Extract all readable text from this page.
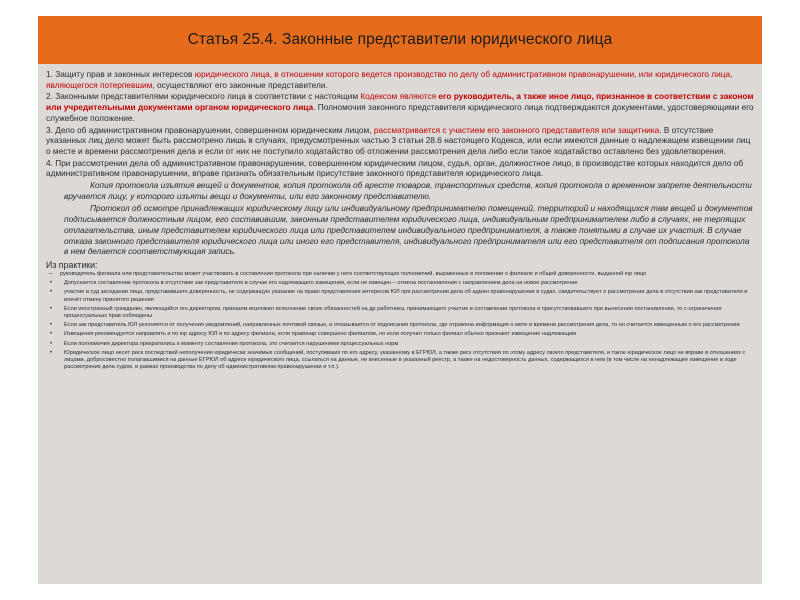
Статья 25.4. Законные представители юридического лица
1. Защиту прав и законных интересов юридического лица, в отношении которого ведется производство по делу об административном правонарушении, или юридического лица, являющегося потерпевшим, осуществляют его законные представители.
2. Законными представителями юридического лица в соответствии с настоящим Кодексом являются его руководитель, а также иное лицо, признанное в соответствии с законом или учредительными документами органом юридического лица. Полномочия законного представителя юридического лица подтверждаются документами, удостоверяющими его служебное положение.
3. Дело об административном правонарушении, совершенном юридическим лицом, рассматривается с участием его законного представителя или защитника. В отсутствие указанных лиц дело может быть рассмотрено лишь в случаях, предусмотренных частью 3 статьи 28.6 настоящего Кодекса, или если имеются данные о надлежащем извещении лиц о месте и времени рассмотрения дела и если от них не поступило ходатайство об отложении рассмотрения дела либо если такое ходатайство оставлено без удовлетворения.
4. При рассмотрении дела об административном правонарушении, совершенном юридическим лицом, судья, орган, должностное лицо, в производстве которых находится дело об административном правонарушении, вправе признать обязательным присутствие законного представителя юридического лица.
Копия протокола изъятия вещей и документов, копия протокола об аресте товаров, транспортных средств, копия протокола о временном запрете деятельности вручается лицу, у которого изъяты вещи и документы, или его законному представителю.
Протокол об осмотре принадлежащих юридическому лицу или индивидуальному предпринимателю помещений, территорий и находящихся там вещей и документов подписывается должностным лицом, его составившим, законным представителем юридического лица, индивидуальным предпринимателем либо в случаях, не терпящих отлагательства, иным представителем юридического лица или представителем индивидуального предпринимателя, а также понятыми в случае их участия. В случае отказа законного представителя юридического лица или иного его представителя, индивидуального предпринимателя или его представителя от подписания протокола в нем делается соответствующая запись.
Из практики:
– руководитель филиала или представительства может участвовать в составлении протокола при наличии у него соответствующих полномочий, выраженных в положении о филиале и общей доверенности, выданной юр лицо
• Допускается составление протокола в отсутствие зак представителя в случае его надлежащего извещения, если не извещен – отмена постановления с направлением дела на новое рассмотрение
• участие в суд заседании лица, представившего доверенность, не содержащую указание на право представления интересов ЮЛ при рассмотрении дела об админ правонарушении в судах, свидетельствует о рассмотрении дела в отсутствии зак представителя и влечёт отмену принятого решения
• Если иностранный гражданин, являющийся ген директором, приказом возложил исполнение своих обязанностей на др работника, принимающего участие в составлении протокола и присутствовавшего при вынесении постановления, то с-ограничения процессуальных прав соблюдены
• Если зак представитель ЮЛ уклоняется от получения уведомлений, направленных почтовой связью, и отказывается от подписания протокола, где отражена информация о мете и времени рассмотрения дела, то он считается извещенным о его рассмотрении
• Извещения рекомендуется направлять и по юр адресу ЮЛ и по адресу филиала, если правонар совершено филиалом, но если получил только филиал обычно признают извещение надлежащим
• Если полномочия директора прекратились к моменту составления протокола, это считается нарушением процессуальных норм
• Юридическое лицо несет риск последствий неполучения юридически значимых сообщений, поступивших по его адресу, указанному в ЕГРЮЛ, а также риск отсутствия по этому адресу своего представителя, и такое юридическое лицо не вправе в отношениях с лицами, добросовестно полагавшимися на данные ЕГРЮЛ об адресе юридического лица, ссылаться на данные, не внесенные в указанный реестр, а также на недостоверность данных, содержащихся в нем (в том числе на ненадлежащее извещение в ходе рассмотрения дела судом, в рамках производства по делу об административном правонарушении и т.п.).
